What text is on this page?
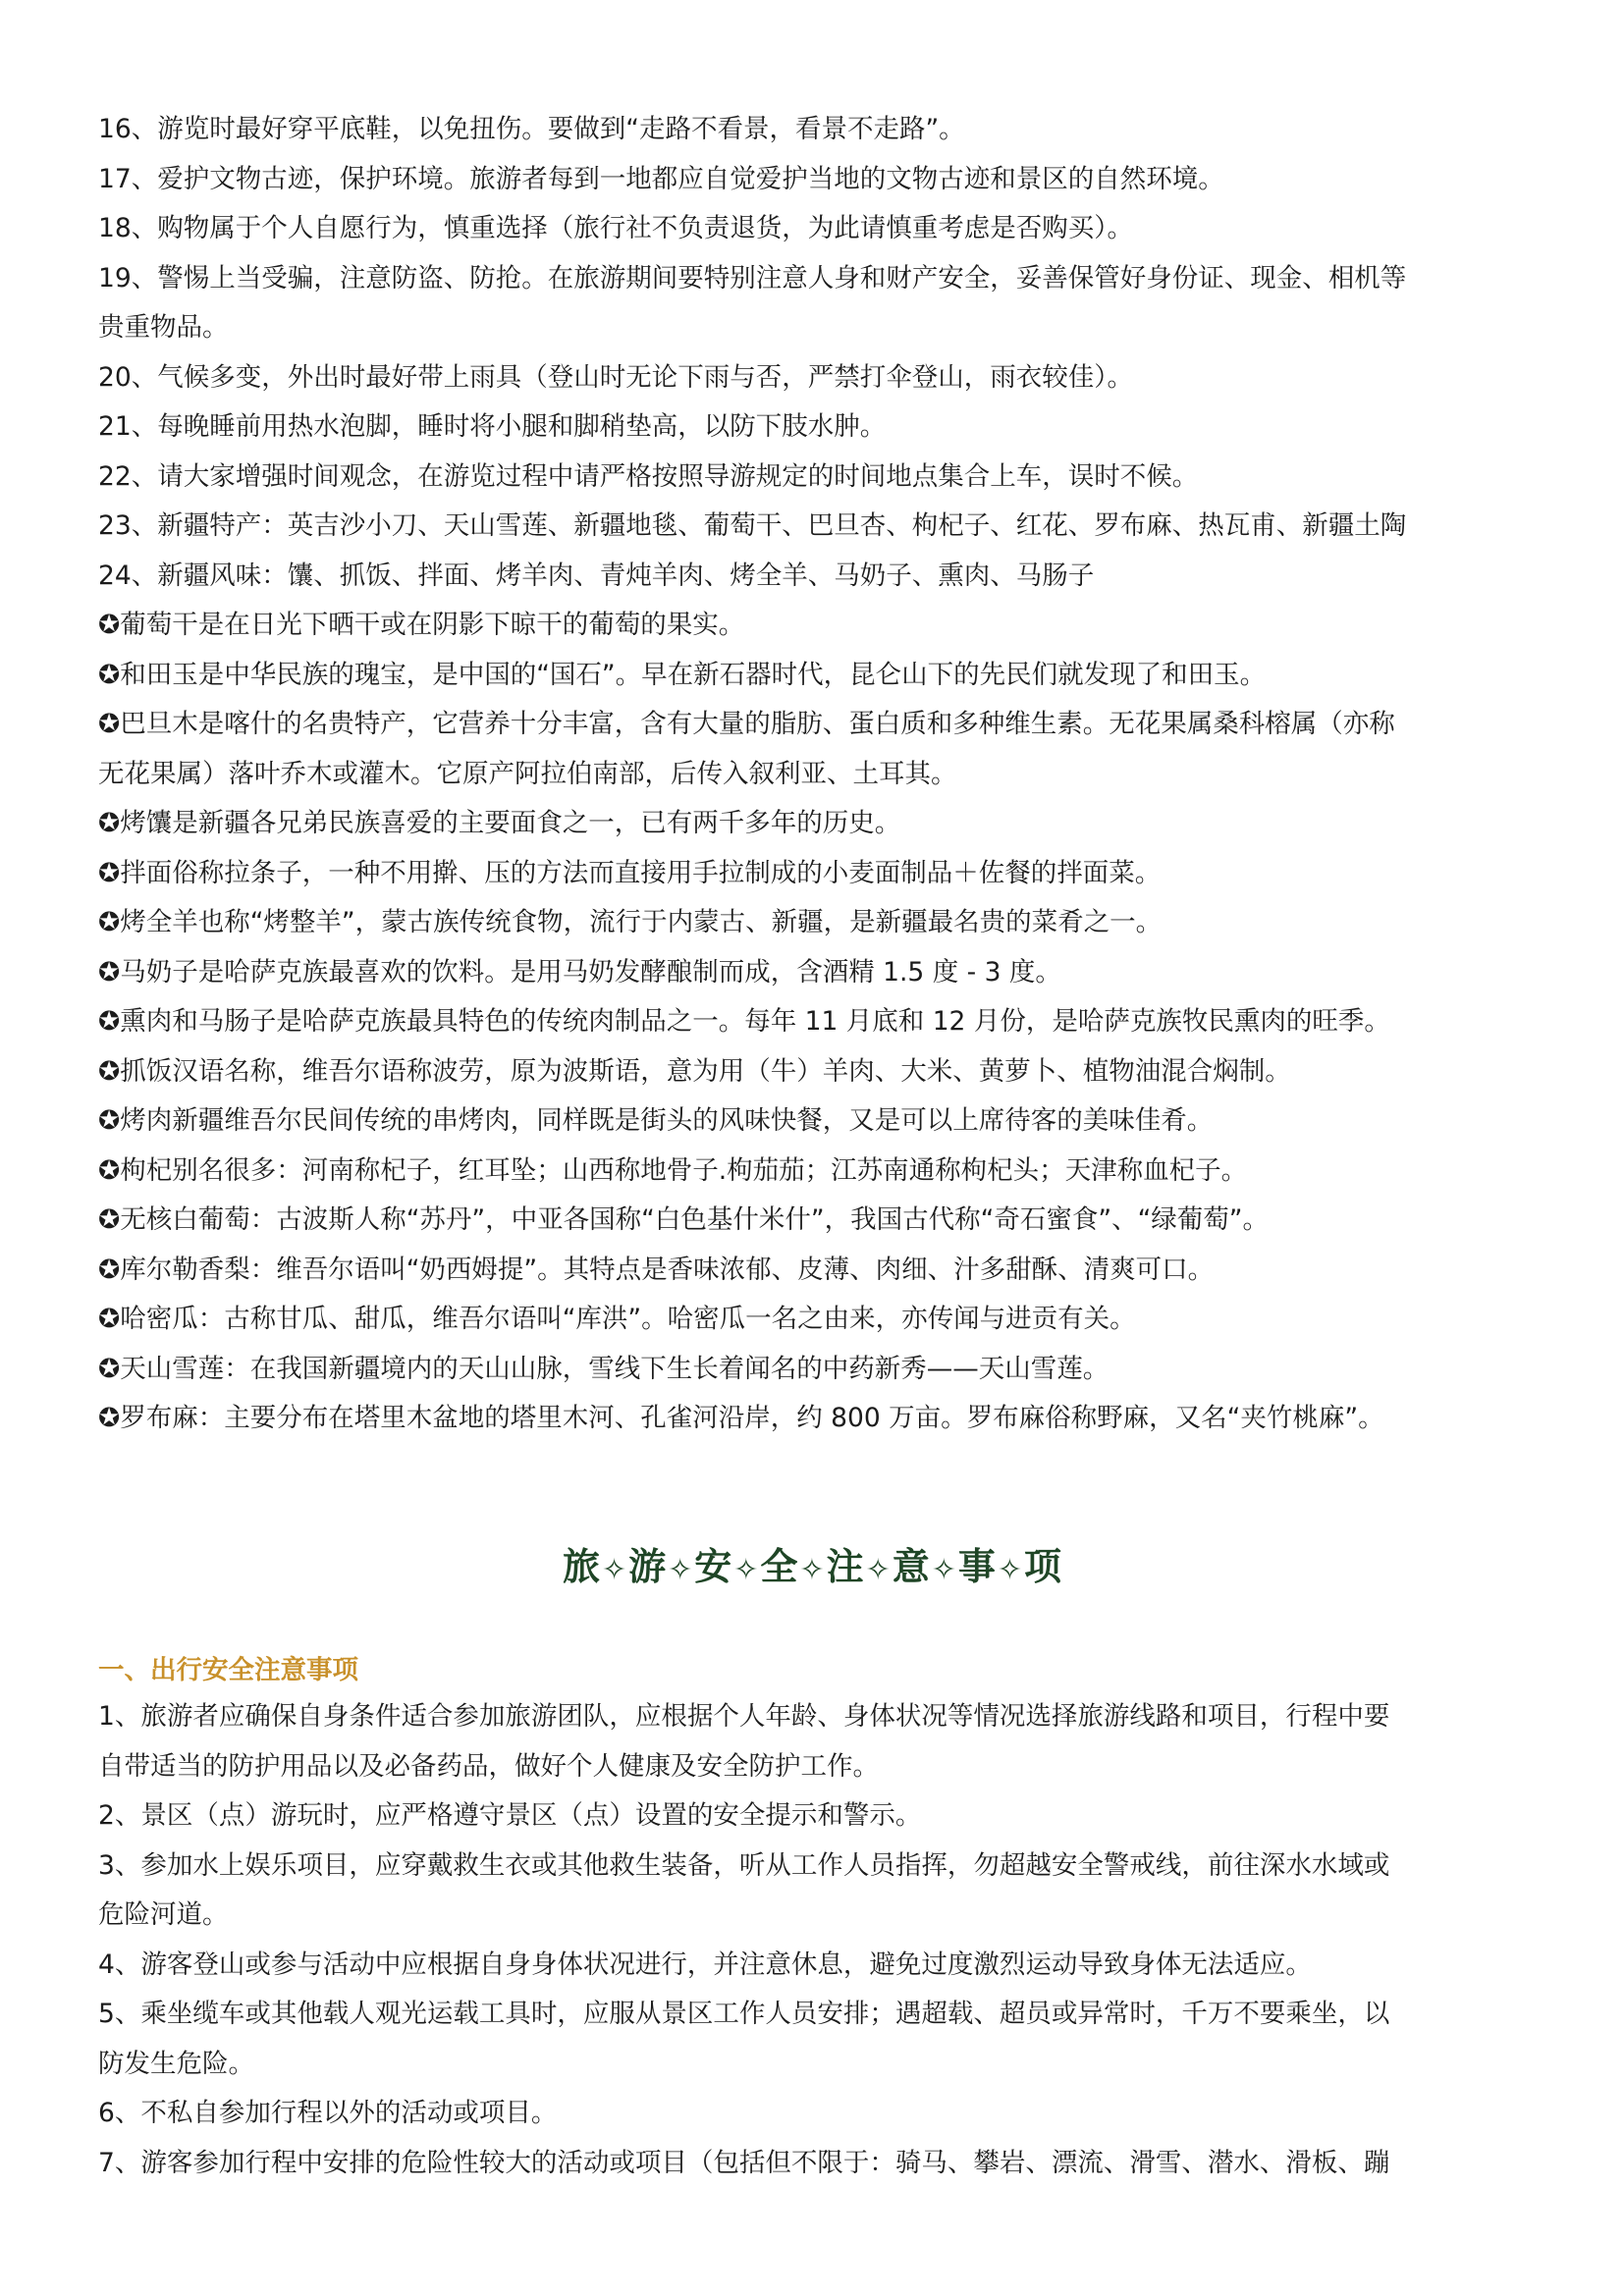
16、游览时最好穿平底鞋，以免扭伤。要做到“走路不看景，看景不走路”。

17、爱护文物古迹，保护环境。旅游者每到一地都应自觉爱护当地的文物古迹和景区的自然环境。

18、购物属于个人自愿行为，慎重选择（旅行社不负责退货，为此请慎重考虑是否购买）。

19、警惕上当受骗，注意防盗、防抢。在旅游期间要特别注意人身和财产安全，妥善保管好身份证、现金、相机等

贵重物品。

20、气候多变，外出时最好带上雨具（登山时无论下雨与否，严禁打伞登山，雨衣较佳）。

21、每晚睡前用热水泡脚，睡时将小腿和脚稍垫高，以防下肢水肿。

22、请大家增强时间观念，在游览过程中请严格按照导游规定的时间地点集合上车，误时不候。

23、新疆特产：英吉沙小刀、天山雪莲、新疆地毯、葡萄干、巴旦杏、枸杞子、红花、罗布麻、热瓦甫、新疆土陶

24、新疆风味：馕、抓饭、拌面、烤羊肉、青炖羊肉、烤全羊、马奶子、熏肉、马肠子

✪葡萄干是在日光下晒干或在阴影下晾干的葡萄的果实。

✪和田玉是中华民族的瑰宝，是中国的“国石”。早在新石器时代，昆仑山下的先民们就发现了和田玉。

✪巴旦木是喀什的名贵特产，它营养十分丰富，含有大量的脂肪、蛋白质和多种维生素。无花果属桑科榕属（亦称

无花果属）落叶乔木或灌木。它原产阿拉伯南部，后传入叙利亚、土耳其。

✪烤馕是新疆各兄弟民族喜爱的主要面食之一，已有两千多年的历史。

✪拌面俗称拉条子，一种不用擀、压的方法而直接用手拉制成的小麦面制品＋佐餐的拌面菜。

✪烤全羊也称“烤整羊”，蒙古族传统食物，流行于内蒙古、新疆，是新疆最名贵的菜肴之一。

✪马奶子是哈萨克族最喜欢的饮料。是用马奶发酵酿制而成，含酒精 1.5 度 - 3 度。

✪熏肉和马肠子是哈萨克族最具特色的传统肉制品之一。每年 11 月底和 12 月份，是哈萨克族牧民熏肉的旺季。

✪抓饭汉语名称，维吾尔语称波劳，原为波斯语，意为用（牛）羊肉、大米、黄萝卜、植物油混合焖制。

✪烤肉新疆维吾尔民间传统的串烤肉，同样既是街头的风味快餐，又是可以上席待客的美味佳肴。

✪枸杞别名很多：河南称杞子，红耳坠；山西称地骨子.枸茄茄；江苏南通称枸杞头；天津称血杞子。

✪无核白葡萄：古波斯人称“苏丹”，中亚各国称“白色基什米什”，我国古代称“奇石蜜食”、“绿葡萄”。

✪库尔勒香梨：维吾尔语叫“奶西姆提”。其特点是香味浓郁、皮薄、肉细、汁多甜酥、清爽可口。

✪哈密瓜：古称甘瓜、甜瓜，维吾尔语叫“库洪”。哈密瓜一名之由来，亦传闻与进贡有关。

✪天山雪莲：在我国新疆境内的天山山脉，雪线下生长着闻名的中药新秀——天山雪莲。

✪罗布麻：主要分布在塔里木盆地的塔里木河、孔雀河沿岸，约 800 万亩。罗布麻俗称野麻，又名“夹竹桃麻”。

旅✧游✧安✧全✧注✧意✧事✧项
一、出行安全注意事项

1、旅游者应确保自身条件适合参加旅游团队，应根据个人年龄、身体状况等情况选择旅游线路和项目，行程中要

自带适当的防护用品以及必备药品，做好个人健康及安全防护工作。

2、景区（点）游玩时，应严格遵守景区（点）设置的安全提示和警示。

3、参加水上娱乐项目，应穿戴救生衣或其他救生装备，听从工作人员指挥，勿超越安全警戒线，前往深水水域或

危险河道。

4、游客登山或参与活动中应根据自身身体状况进行，并注意休息，避免过度激烈运动导致身体无法适应。

5、乘坐缆车或其他载人观光运载工具时，应服从景区工作人员安排；遇超载、超员或异常时，千万不要乘坐，以

防发生危险。

6、不私自参加行程以外的活动或项目。

7、游客参加行程中安排的危险性较大的活动或项目（包括但不限于：骑马、攀岩、漂流、滑雪、潜水、滑板、蹦
